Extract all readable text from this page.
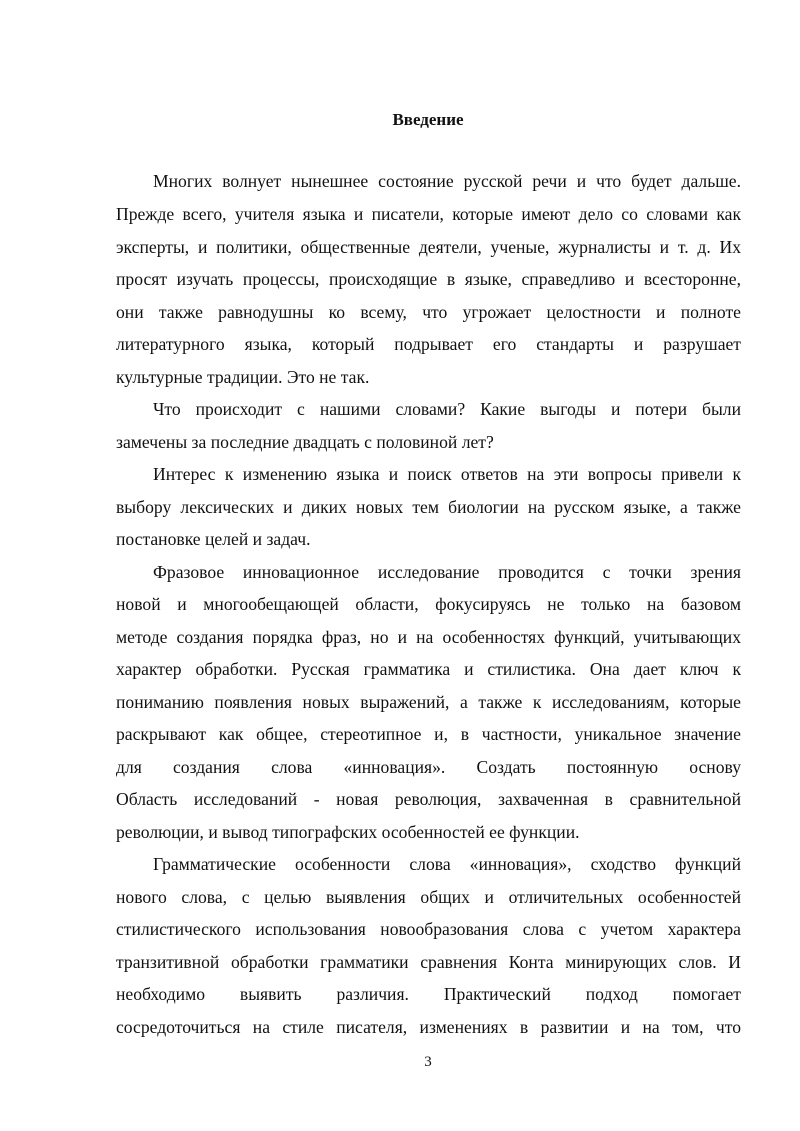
Введение
Многих волнует нынешнее состояние русской речи и что будет дальше.
Прежде всего, учителя языка и писатели, которые имеют дело со словами как
эксперты, и политики, общественные деятели, ученые, журналисты и т. д. Их
просят изучать процессы, происходящие в языке, справедливо и всесторонне,
они также равнодушны ко всему, что угрожает целостности и полноте
литературного языка, который подрывает его стандарты и разрушает
культурные традиции. Это не так.
Что происходит с нашими словами? Какие выгоды и потери были
замечены за последние двадцать с половиной лет?
Интерес к изменению языка и поиск ответов на эти вопросы привели к
выбору лексических и диких новых тем биологии на русском языке, а также
постановке целей и задач.
Фразовое инновационное исследование проводится с точки зрения
новой и многообещающей области, фокусируясь не только на базовом
методе создания порядка фраз, но и на особенностях функций, учитывающих
характер обработки. Русская грамматика и стилистика. Она дает ключ к
пониманию появления новых выражений, а также к исследованиям, которые
раскрывают как общее, стереотипное и, в частности, уникальное значение
для создания слова «инновация». Создать постоянную основу
Область исследований - новая революция, захваченная в сравнительной
революции, и вывод типографских особенностей ее функции.
Грамматические особенности слова «инновация», сходство функций
нового слова, с целью выявления общих и отличительных особенностей
стилистического использования новообразования слова с учетом характера
транзитивной обработки грамматики сравнения Конта минирующих слов. И
необходимо выявить различия. Практический подход помогает
сосредоточиться на стиле писателя, изменениях в развитии и на том, что
3
